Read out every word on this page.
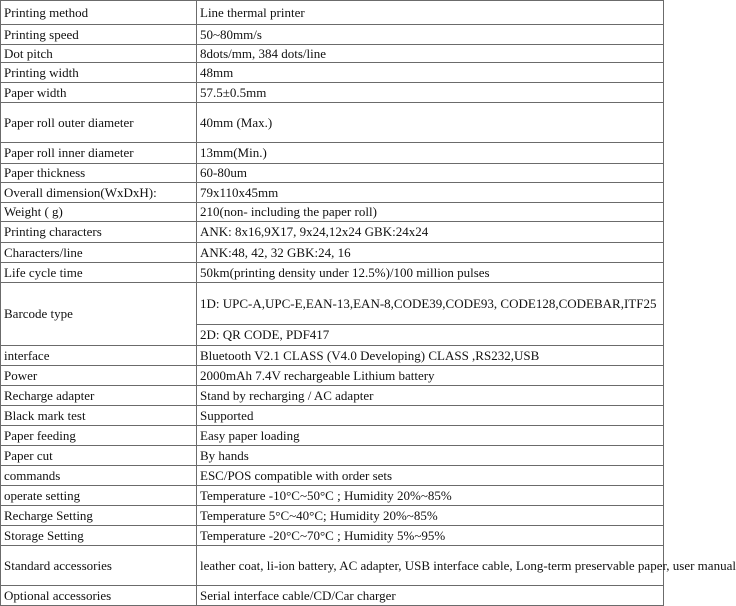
Printing method	Line thermal printer
Printing speed	50~80mm/s
Dot pitch	8dots/mm, 384 dots/line
Printing width	48mm
Paper width	57.5±0.5mm
Paper roll outer diameter	40mm (Max.)
Paper roll inner diameter	13mm(Min.)
Paper thickness	60-80um
Overall dimension(WxDxH):	79x110x45mm
Weight ( g)	210(non- including the paper roll)
Printing characters	ANK: 8x16,9X17, 9x24,12x24 GBK:24x24
Characters/line	ANK:48, 42, 32 GBK:24, 16
Life cycle time	50km(printing density under 12.5%)/100 million pulses
Barcode type	1D: UPC-A,UPC-E,EAN-13,EAN-8,CODE39,CODE93, CODE128,CODEBAR,ITF25
	2D: QR CODE, PDF417
interface	Bluetooth V2.1 CLASS (V4.0 Developing) CLASS ,RS232,USB
Power	2000mAh 7.4V rechargeable Lithium battery
Recharge adapter	Stand by recharging / AC adapter
Black mark test	Supported
Paper feeding	Easy paper loading
Paper cut	By hands
commands	ESC/POS compatible with order sets
operate setting	Temperature -10°C~50°C ; Humidity 20%~85%
Recharge Setting	Temperature 5°C~40°C; Humidity 20%~85%
Storage Setting	Temperature -20°C~70°C ; Humidity 5%~95%
Standard accessories	leather coat, li-ion battery, AC adapter, USB interface cable, Long-term preservable paper, user manual
Optional accessories	Serial interface cable/CD/Car charger
